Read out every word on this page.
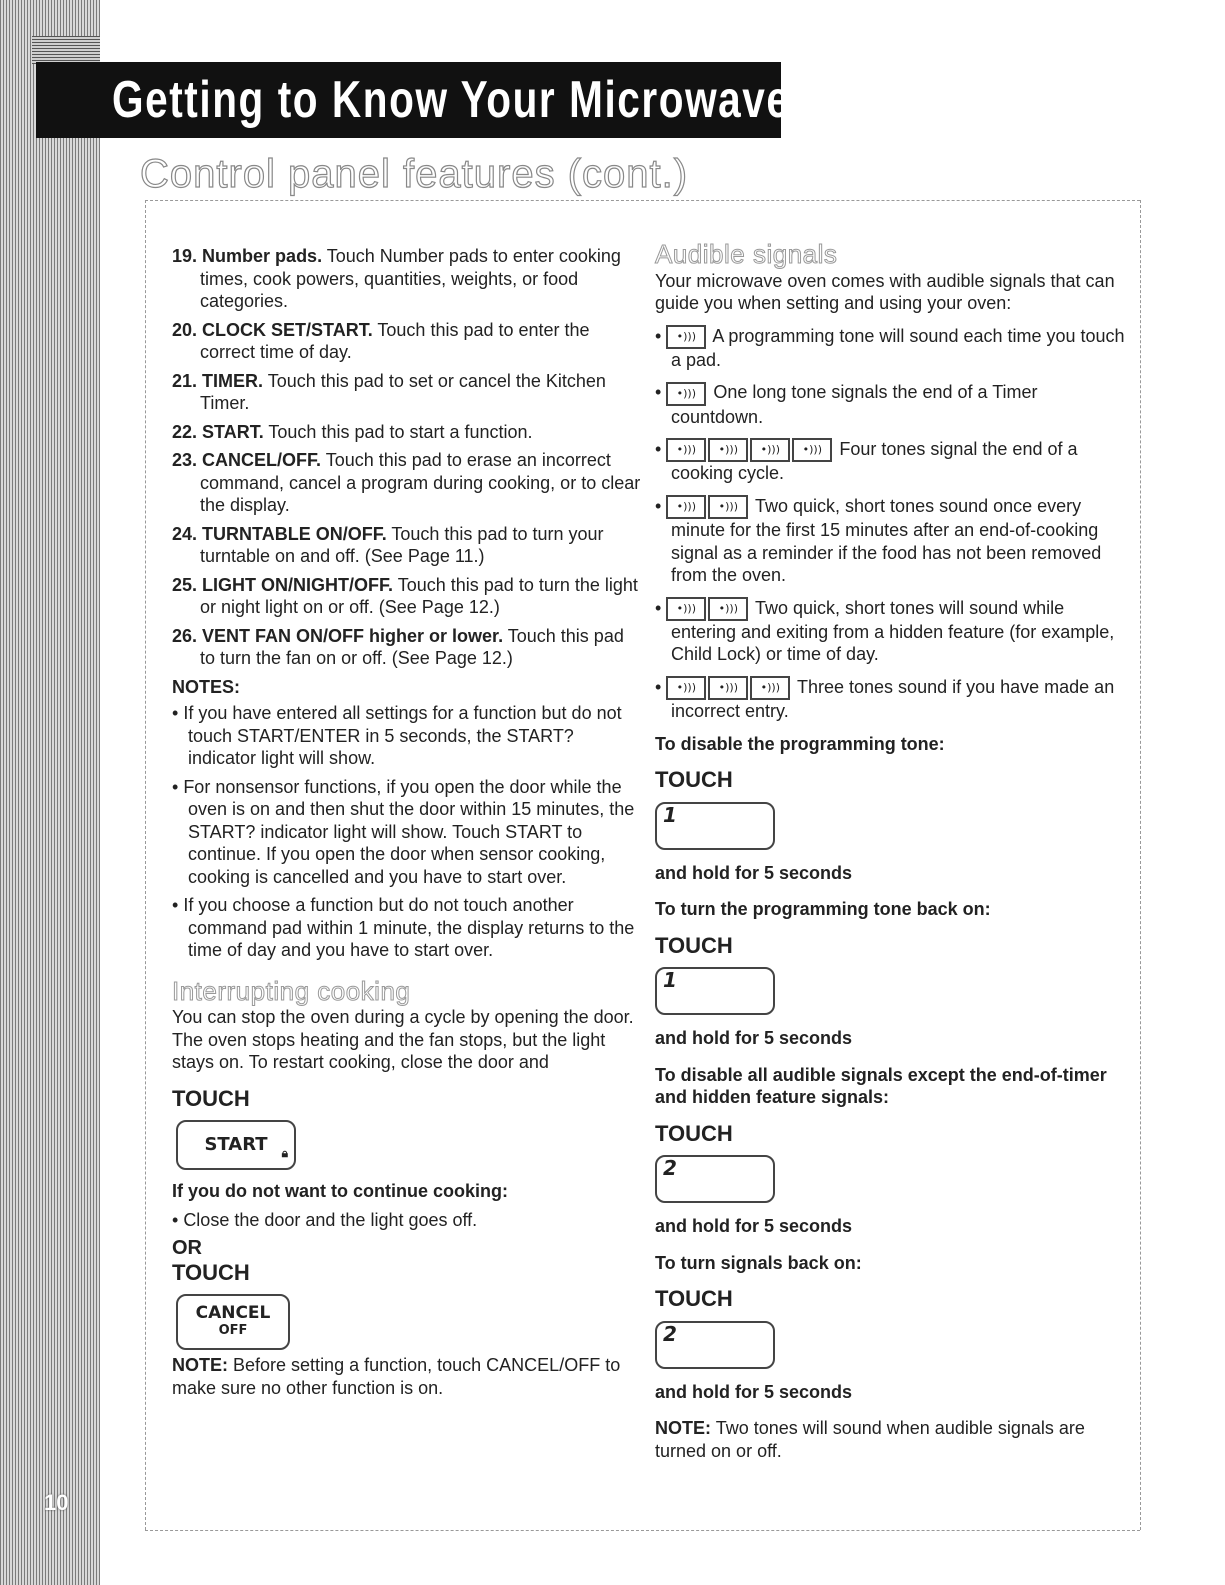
10
Getting to Know Your Microwave Oven
Control panel features (cont.)
19. Number pads. Touch Number pads to enter cooking times, cook powers, quantities, weights, or food categories.
20. CLOCK SET/START. Touch this pad to enter the correct time of day.
21. TIMER. Touch this pad to set or cancel the Kitchen Timer.
22. START. Touch this pad to start a function.
23. CANCEL/OFF. Touch this pad to erase an incorrect command, cancel a program during cooking, or to clear the display.
24. TURNTABLE ON/OFF. Touch this pad to turn your turntable on and off. (See Page 11.)
25. LIGHT ON/NIGHT/OFF. Touch this pad to turn the light or night light on or off. (See Page 12.)
26. VENT FAN ON/OFF higher or lower. Touch this pad to turn the fan on or off. (See Page 12.)
NOTES:
• If you have entered all settings for a function but do not touch START/ENTER in 5 seconds, the START? indicator light will show.
• For nonsensor functions, if you open the door while the oven is on and then shut the door within 15 minutes, the START? indicator light will show. Touch START to continue. If you open the door when sensor cooking, cooking is cancelled and you have to start over.
• If you choose a function but do not touch another command pad within 1 minute, the display returns to the time of day and you have to start over.
Interrupting cooking
You can stop the oven during a cycle by opening the door. The oven stops heating and the fan stops, but the light stays on. To restart cooking, close the door and
TOUCH
START 🔒︎
If you do not want to continue cooking:
• Close the door and the light goes off.
OR
TOUCH
CANCEL
OFF
NOTE: Before setting a function, touch CANCEL/OFF to make sure no other function is on.
Audible signals
Your microwave oven comes with audible signals that can guide you when setting and using your oven:
• •))) A programming tone will sound each time you touch a pad.
• •))) One long tone signals the end of a Timer countdown.
• •))) •))) •))) •))) Four tones signal the end of a cooking cycle.
• •))) •))) Two quick, short tones sound once every minute for the first 15 minutes after an end-of-cooking signal as a reminder if the food has not been removed from the oven.
• •))) •))) Two quick, short tones will sound while entering and exiting from a hidden feature (for example, Child Lock) or time of day.
• •))) •))) •))) Three tones sound if you have made an incorrect entry.
To disable the programming tone:
TOUCH
1
and hold for 5 seconds
To turn the programming tone back on:
TOUCH
1
and hold for 5 seconds
To disable all audible signals except the end-of-timer and hidden feature signals:
TOUCH
2
and hold for 5 seconds
To turn signals back on:
TOUCH
2
and hold for 5 seconds
NOTE: Two tones will sound when audible signals are turned on or off.
